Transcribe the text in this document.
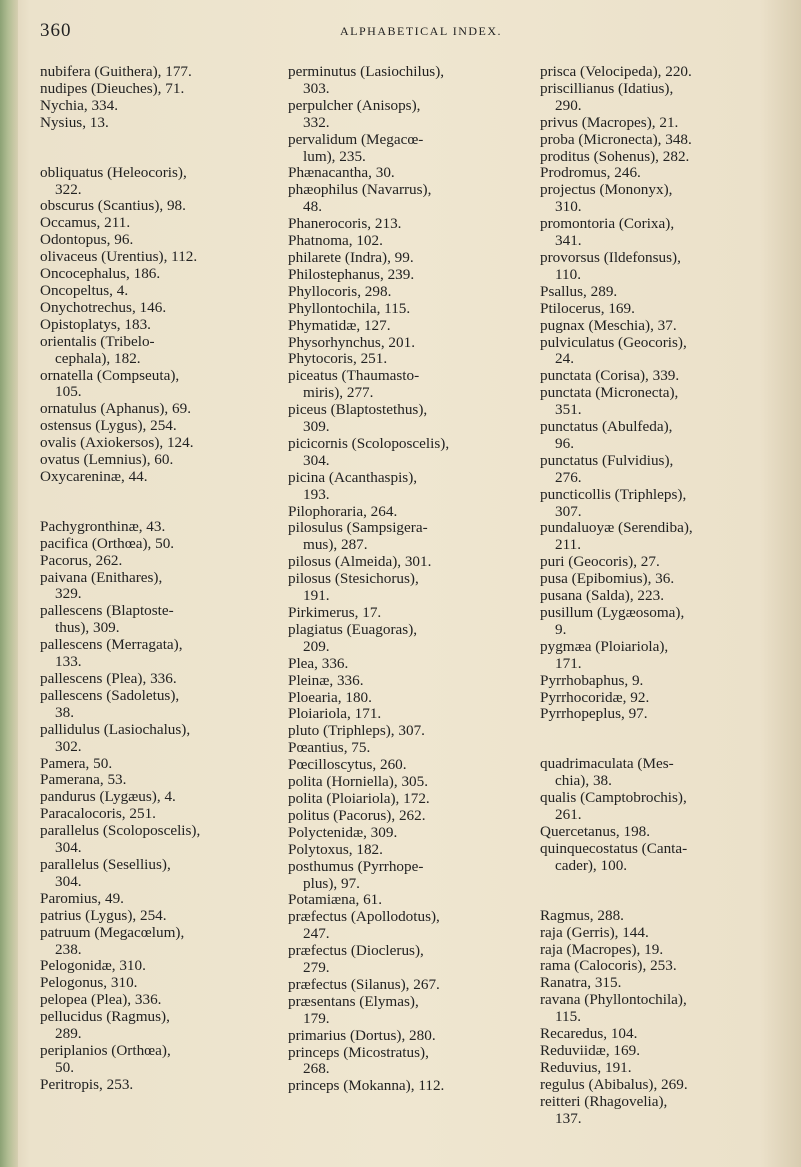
360	ALPHABETICAL INDEX.

nubifera (Guithera), 177.

nudipes (Dieuches), 71.

Nychia, 334.

Nysius, 13.

obliquatus (Heleocoris),
322.

obscurus (Scantius), 98.

Occamus, 211.

Odontopus, 96.

olivaceus (Urentius), 112.

Oncocephalus, 186.

Oncopeltus, 4.

Onychotrechus, 146.

Opistoplatys, 183.

orientalis (Tribelo-
cephala), 182.

ornatella (Compseuta),
105.

ornatulus (Aphanus), 69.

ostensus (Lygus), 254.

ovalis (Axiokersos), 124.

ovatus (Lemnius), 60.

Oxycareninæ, 44.

Pachygronthinæ, 43.

pacifica (Orthœa), 50.

Pacorus, 262.

paivana (Enithares),
329.

pallescens (Blaptoste-
thus), 309.

pallescens (Merragata),
133.

pallescens (Plea), 336.

pallescens (Sadoletus),
38.

pallidulus (Lasiochalus),
302.

Pamera, 50.

Pamerana, 53.

pandurus (Lygæus), 4.

Paracalocoris, 251.

parallelus (Scoloposcelis),
304.

parallelus (Sesellius),
304.

Paromius, 49.

patrius (Lygus), 254.

patruum (Megacœlum),
238.

Pelogonidæ, 310.

Pelogonus, 310.

pelopea (Plea), 336.

pellucidus (Ragmus),
289.

periplanios (Orthœa),
50.

Peritropis, 253.

perminutus (Lasiochilus),
303.

perpulcher (Anisops),
332.

pervalidum (Megacœ-
lum), 235.

Phænacantha, 30.

phæophilus (Navarrus),
48.

Phanerocoris, 213.

Phatnoma, 102.

philarete (Indra), 99.

Philostephanus, 239.

Phyllocoris, 298.

Phyllontochila, 115.

Phymatidæ, 127.

Physorhynchus, 201.

Phytocoris, 251.

piceatus (Thaumasto-
miris), 277.

piceus (Blaptostethus),
309.

picicornis (Scoloposcelis),
304.

picina (Acanthaspis),
193.

Pilophoraria, 264.

pilosulus (Sampsigera-
mus), 287.

pilosus (Almeida), 301.

pilosus (Stesichorus),
191.

Pirkimerus, 17.

plagiatus (Euagoras),
209.

Plea, 336.

Pleinæ, 336.

Ploearia, 180.

Ploiariola, 171.

pluto (Triphleps), 307.

Pœantius, 75.

Pœcilloscytus, 260.

polita (Horniella), 305.

polita (Ploiariola), 172.

politus (Pacorus), 262.

Polyctenidæ, 309.

Polytoxus, 182.

posthumus (Pyrrhope-
plus), 97.

Potamiæna, 61.

præfectus (Apollodotus),
247.

præfectus (Dioclerus),
279.

præfectus (Silanus), 267.

præsentans (Elymas),
179.

primarius (Dortus), 280.

princeps (Micostratus),
268.

princeps (Mokanna), 112.

prisca (Velocipeda), 220.

priscillianus (Idatius),
290.

privus (Macropes), 21.

proba (Micronecta), 348.

proditus (Sohenus), 282.

Prodromus, 246.

projectus (Mononyx),
310.

promontoria (Corixa),
341.

provorsus (Ildefonsus),
110.

Psallus, 289.

Ptilocerus, 169.

pugnax (Meschia), 37.

pulviculatus (Geocoris),
24.

punctata (Corisa), 339.

punctata (Micronecta),
351.

punctatus (Abulfeda),
96.

punctatus (Fulvidius),
276.

puncticollis (Triphleps),
307.

pundaluoyæ (Serendiba),
211.

puri (Geocoris), 27.

pusa (Epibomius), 36.

pusana (Salda), 223.

pusillum (Lygæosoma),
9.

pygmæa (Ploiariola),
171.

Pyrrhobaphus, 9.

Pyrrhocoridæ, 92.

Pyrrhopeplus, 97.

quadrimaculata (Mes-
chia), 38.

qualis (Camptobrochis),
261.

Quercetanus, 198.

quinquecostatus (Canta-
cader), 100.

Ragmus, 288.

raja (Gerris), 144.

raja (Macropes), 19.

rama (Calocoris), 253.

Ranatra, 315.

ravana (Phyllontochila),
115.

Recaredus, 104.

Reduviidæ, 169.

Reduvius, 191.

regulus (Abibalus), 269.

reitteri (Rhagovelia),
137.
